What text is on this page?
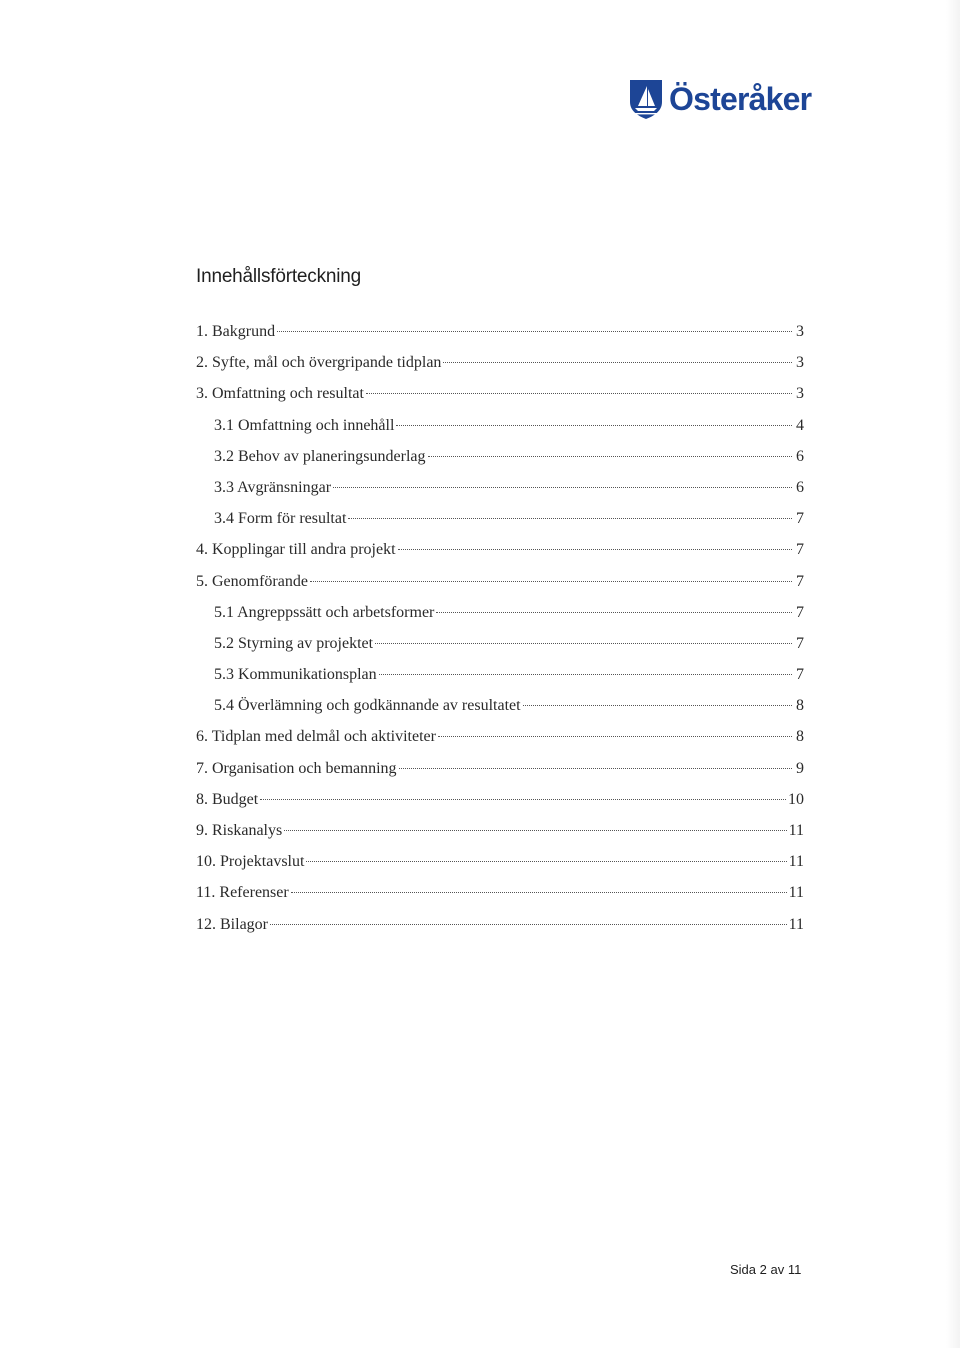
Österåker
Innehållsförteckning
1. Bakgrund	3
2. Syfte, mål och övergripande tidplan	3
3. Omfattning och resultat	3
3.1 Omfattning och innehåll	4
3.2 Behov av planeringsunderlag	6
3.3 Avgränsningar	6
3.4 Form för resultat	7
4. Kopplingar till andra projekt	7
5. Genomförande	7
5.1 Angreppssätt och arbetsformer	7
5.2 Styrning av projektet	7
5.3 Kommunikationsplan	7
5.4 Överlämning och godkännande av resultatet	8
6. Tidplan med delmål och aktiviteter	8
7. Organisation och bemanning	9
8. Budget	10
9. Riskanalys	11
10. Projektavslut	11
11. Referenser	11
12. Bilagor	11
Sida 2 av 11
